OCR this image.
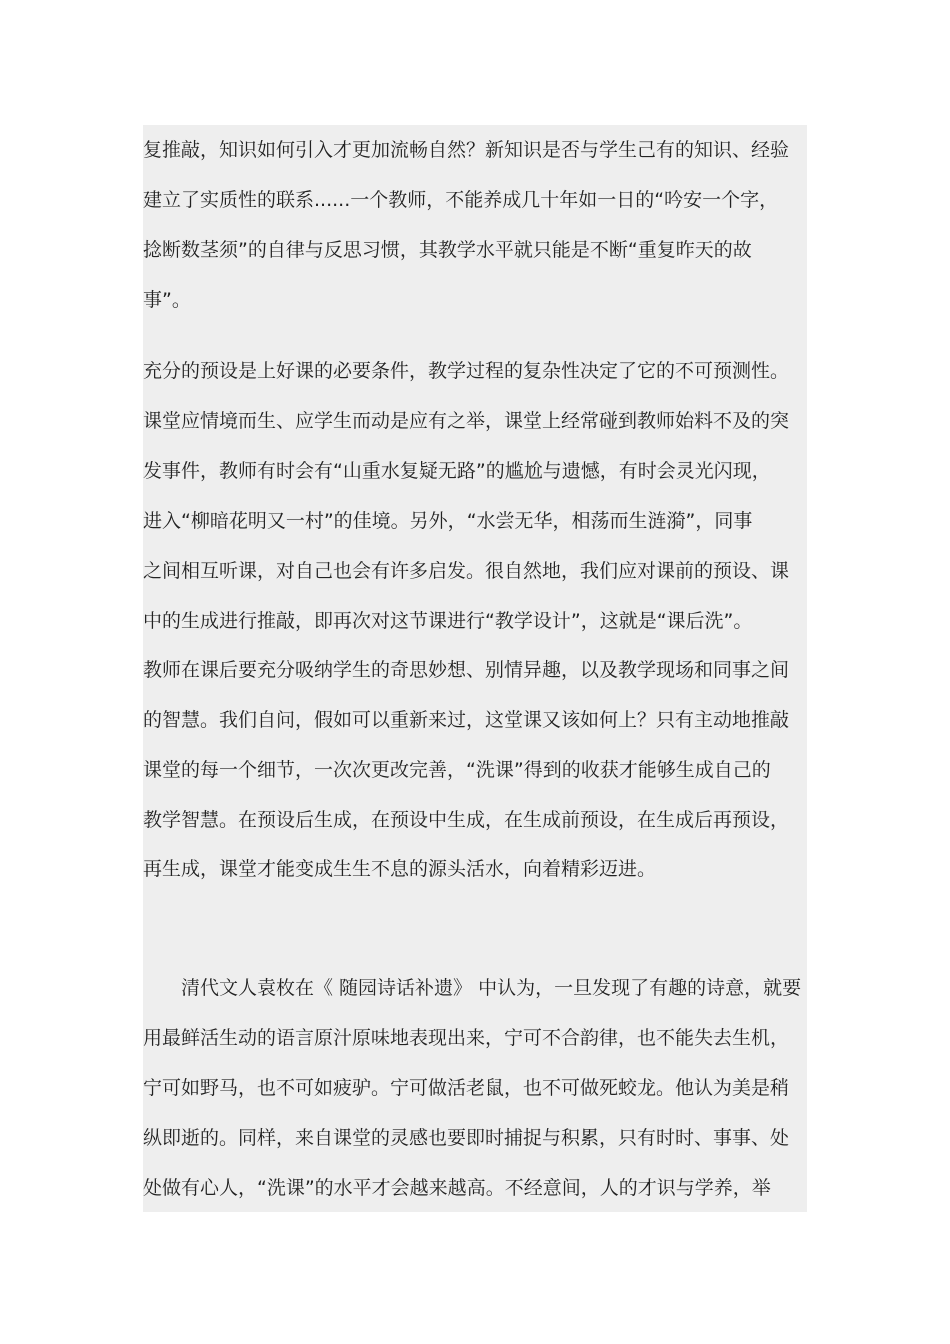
复推敲，知识如何引入才更加流畅自然？新知识是否与学生己有的知识、经验
建立了实质性的联系......一个教师，不能养成几十年如一日的“吟安一个字，
捻断数茎须”的自律与反思习惯，其教学水平就只能是不断“重复昨天的故
事”。
充分的预设是上好课的必要条件，教学过程的复杂性决定了它的不可预测性。
课堂应情境而生、应学生而动是应有之举，课堂上经常碰到教师始料不及的突
发事件，教师有时会有“山重水复疑无路”的尴尬与遗憾，有时会灵光闪现，
进入“柳暗花明又一村”的佳境。另外，“水尝无华，相荡而生涟漪”，同事
之间相互听课，对自己也会有许多启发。很自然地，我们应对课前的预设、课
中的生成进行推敲，即再次对这节课进行“教学设计”，这就是“课后洗”。
教师在课后要充分吸纳学生的奇思妙想、别情异趣，以及教学现场和同事之间
的智慧。我们自问，假如可以重新来过，这堂课又该如何上？只有主动地推敲
课堂的每一个细节，一次次更改完善，“洗课”得到的收获才能够生成自己的
教学智慧。在预设后生成，在预设中生成，在生成前预设，在生成后再预设，
再生成，课堂才能变成生生不息的源头活水，向着精彩迈进。
清代文人袁枚在《 随园诗话补遗》 中认为，一旦发现了有趣的诗意，就要
用最鲜活生动的语言原汁原味地表现出来，宁可不合韵律，也不能失去生机，
宁可如野马，也不可如疲驴。宁可做活老鼠，也不可做死蛟龙。他认为美是稍
纵即逝的。同样，来自课堂的灵感也要即时捕捉与积累，只有时时、事事、处
处做有心人，“洗课”的水平才会越来越高。不经意间，人的才识与学养，举
